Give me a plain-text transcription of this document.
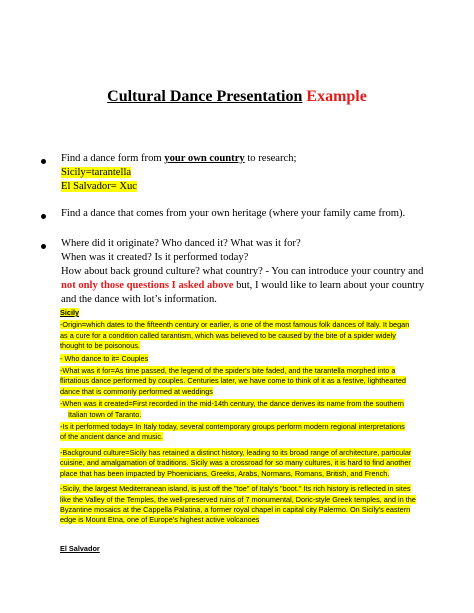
Cultural Dance Presentation Example
Find a dance form from your own country to research;
Sicily=tarantella
El Salvador= Xuc
Find a dance that comes from your own heritage (where your family came from).
Where did it originate? Who danced it? What was it for?
When was it created? Is it performed today?
How about back ground culture? what country? - You can introduce your country and
not only those questions I asked above but, I would like to learn about your country
and the dance with lot’s information.
Sicily
-Origin=which dates to the fifteenth century or earlier, is one of the most famous folk dances of Italy. It began
as a cure for a condition called tarantism, which was believed to be caused by the bite of a spider widely
thought to be poisonous.
- Who dance to it= Couples
-What was it for=As time passed, the legend of the spider's bite faded, and the tarantella morphed into a
flirtatious dance performed by couples. Centuries later, we have come to think of it as a festive, lighthearted
dance that is commonly performed at weddings
-When was it created=First recorded in the mid-14th century, the dance derives its name from the southern
Italian town of Taranto.
-Is it performed today= In Italy today, several contemporary groups perform modern regional interpretations
of the ancient dance and music.
-Background culture=Sicily has retained a distinct history, leading to its broad range of architecture, particular
cuisine, and amalgamation of traditions. Sicily was a crossroad for so many cultures, it is hard to find another
place that has been impacted by Phoenicians, Greeks, Arabs, Normans, Romans, British, and French.
-Sicily, the largest Mediterranean island, is just off the "toe" of Italy's "boot." Its rich history is reflected in sites
like the Valley of the Temples, the well-preserved ruins of 7 monumental, Doric-style Greek temples, and in the
Byzantine mosaics at the Cappella Palatina, a former royal chapel in capital city Palermo. On Sicily's eastern
edge is Mount Etna, one of Europe’s highest active volcanoes
El Salvador
